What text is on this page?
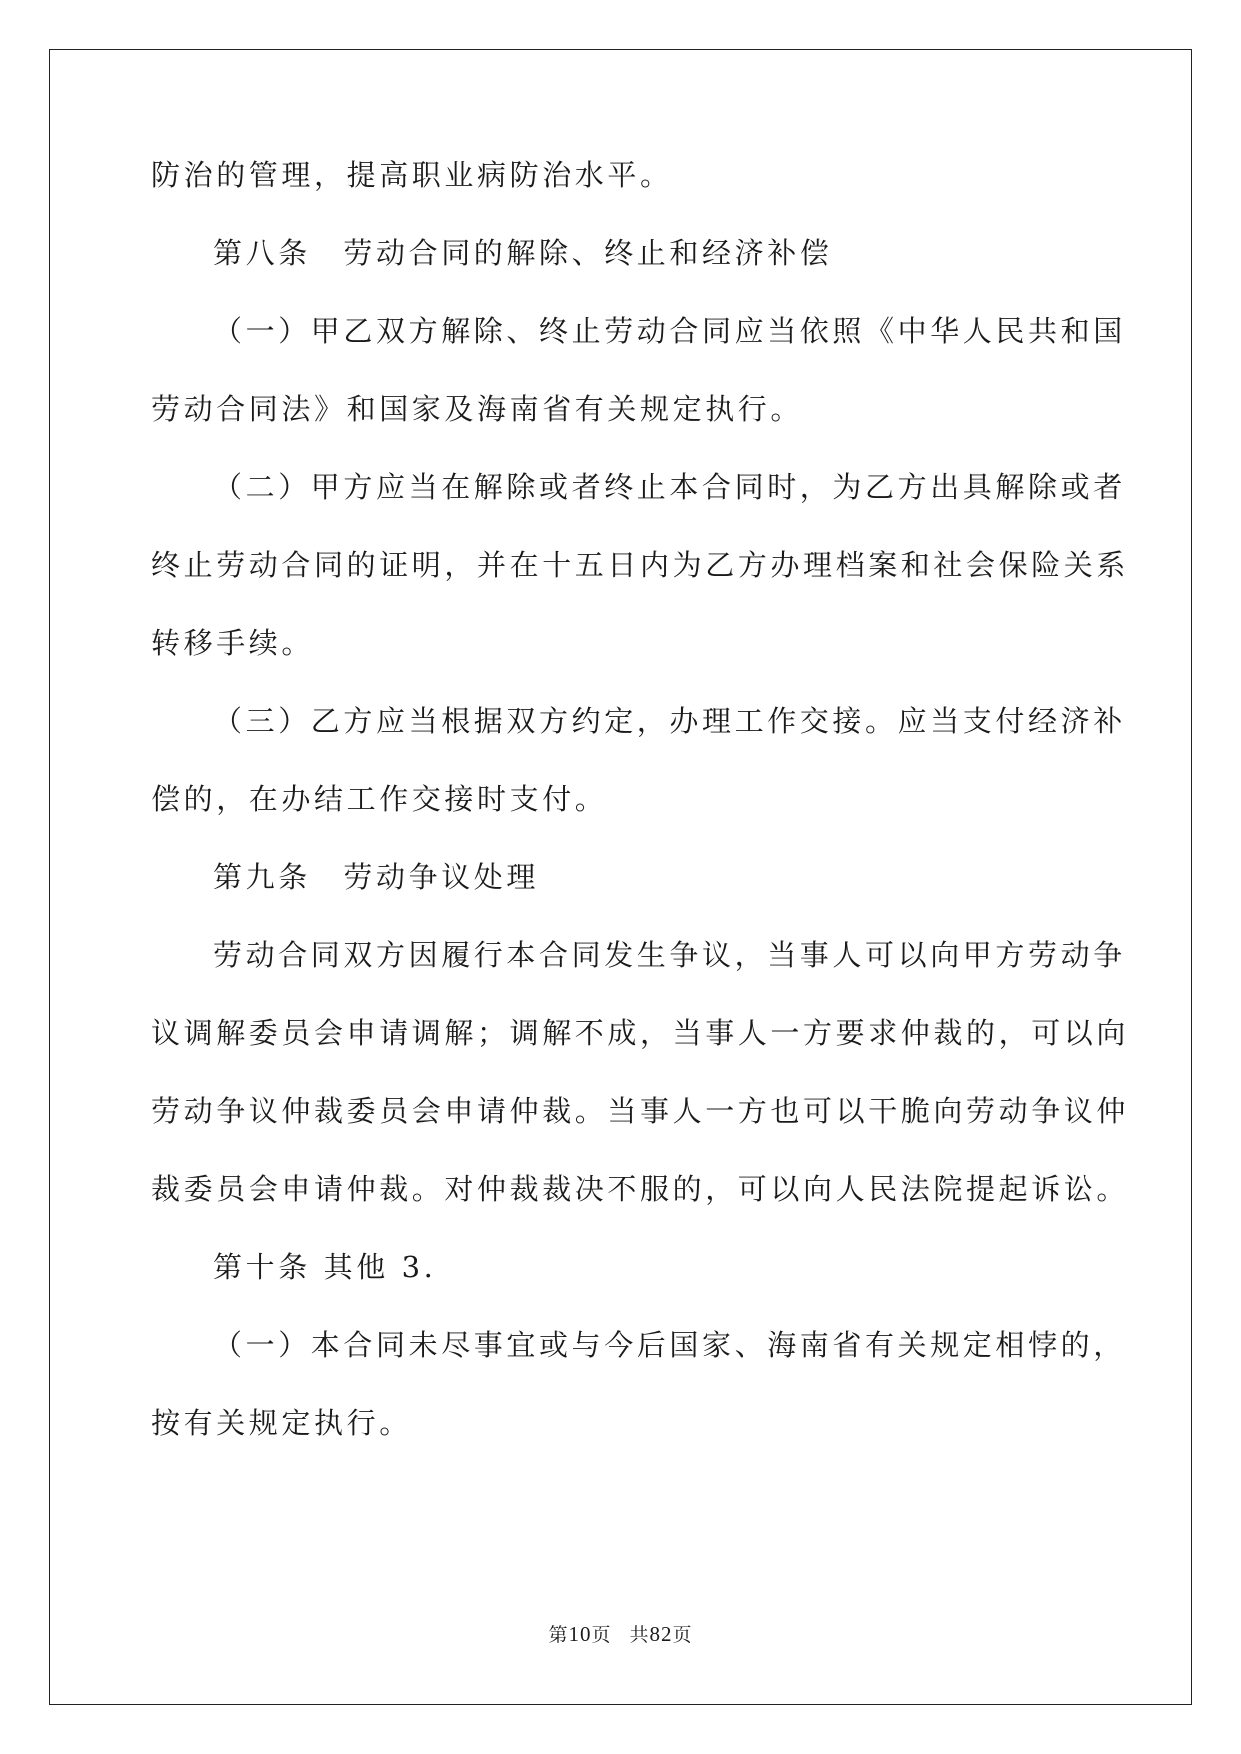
防治的管理，提高职业病防治水平。
第八条　劳动合同的解除、终止和经济补偿
（一）甲乙双方解除、终止劳动合同应当依照《中华人民共和国
劳动合同法》和国家及海南省有关规定执行。
（二）甲方应当在解除或者终止本合同时，为乙方出具解除或者
终止劳动合同的证明，并在十五日内为乙方办理档案和社会保险关系
转移手续。
（三）乙方应当根据双方约定，办理工作交接。应当支付经济补
偿的，在办结工作交接时支付。
第九条　劳动争议处理
劳动合同双方因履行本合同发生争议，当事人可以向甲方劳动争
议调解委员会申请调解；调解不成，当事人一方要求仲裁的，可以向
劳动争议仲裁委员会申请仲裁。当事人一方也可以干脆向劳动争议仲
裁委员会申请仲裁。对仲裁裁决不服的，可以向人民法院提起诉讼。
第十条 其他 3.
（一）本合同未尽事宜或与今后国家、海南省有关规定相悖的，
按有关规定执行。
第10页 共82页
